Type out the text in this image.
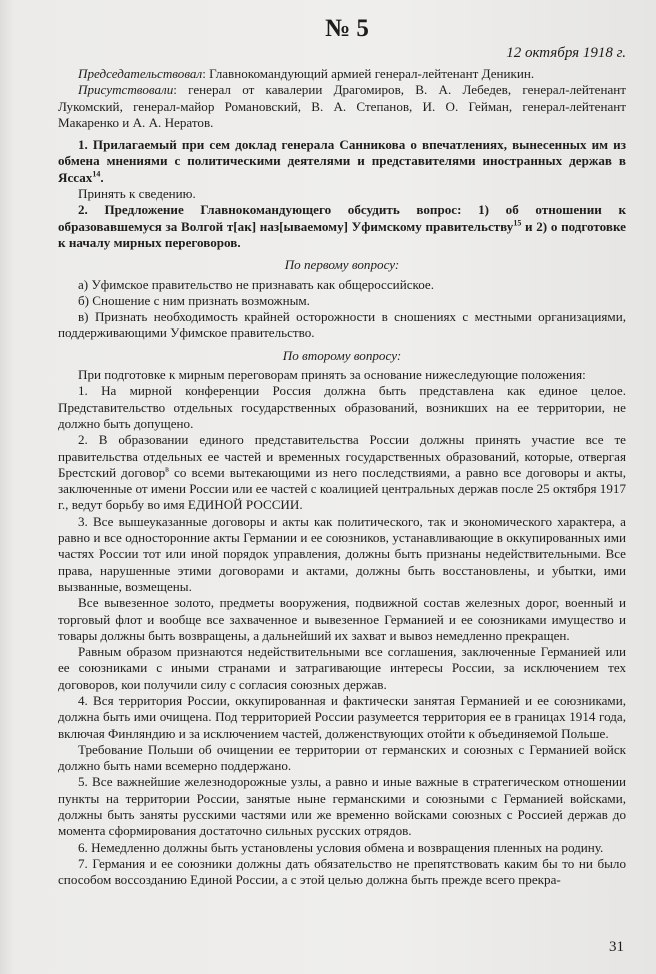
№ 5
12 октября 1918 г.

Председательствовал: Главнокомандующий армией генерал-лейтенант Деникин.

Присутствовали: генерал от кавалерии Драгомиров, В. А. Лебедев, генерал-лейтенант Лукомский, генерал-майор Романовский, В. А. Степанов, И. О. Гейман, генерал-лейтенант Макаренко и А. А. Нератов.

1. Прилагаемый при сем доклад генерала Санникова о впечатлениях, вынесенных им из обмена мнениями с политическими деятелями и представителями иностранных держав в Яссах$^{14}$.

Принять к сведению.

2. Предложение Главнокомандующего обсудить вопрос: 1) об отношении к образовавшемуся за Волгой т[ак] наз[ываемому] Уфимскому правительству$^{15}$ и 2) о подготовке к началу мирных переговоров.

По первому вопросу:

а) Уфимское правительство не признавать как общероссийское.

б) Сношение с ним признать возможным.

в) Признать необходимость крайней осторожности в сношениях с местными организациями, поддерживающими Уфимское правительство.

По второму вопросу:

При подготовке к мирным переговорам принять за основание нижеследующие положения:

1. На мирной конференции Россия должна быть представлена как единое целое. Представительство отдельных государственных образований, возникших на ее территории, не должно быть допущено.

2. В образовании единого представительства России должны принять участие все те правительства отдельных ее частей и временных государственных образований, которые, отвергая Брестский договор$^в$ со всеми вытекающими из него последствиями, а равно все договоры и акты, заключенные от имени России или ее частей с коалицией центральных держав после 25 октября 1917 г., ведут борьбу во имя ЕДИНОЙ РОССИИ.

3. Все вышеуказанные договоры и акты как политического, так и экономического характера, а равно и все односторонние акты Германии и ее союзников, устанавливающие в оккупированных ими частях России тот или иной порядок управления, должны быть признаны недействительными. Все права, нарушенные этими договорами и актами, должны быть восстановлены, и убытки, ими вызванные, возмещены.

Все вывезенное золото, предметы вооружения, подвижной состав железных дорог, военный и торговый флот и вообще все захваченное и вывезенное Германией и ее союзниками имущество и товары должны быть возвращены, а дальнейший их захват и вывоз немедленно прекращен.

Равным образом признаются недействительными все соглашения, заключенные Германией или ее союзниками с иными странами и затрагивающие интересы России, за исключением тех договоров, кои получили силу с согласия союзных держав.

4. Вся территория России, оккупированная и фактически занятая Германией и ее союзниками, должна быть ими очищена. Под территорией России разумеется территория ее в границах 1914 года, включая Финляндию и за исключением частей, долженствующих отойти к объединяемой Польше.

Требование Польши об очищении ее территории от германских и союзных с Германией войск должно быть нами всемерно поддержано.

5. Все важнейшие железнодорожные узлы, а равно и иные важные в стратегическом отношении пункты на территории России, занятые ныне германскими и союзными с Германией войсками, должны быть заняты русскими частями или же временно войсками союзных с Россией держав до момента сформирования достаточно сильных русских отрядов.

6. Немедленно должны быть установлены условия обмена и возвращения пленных на родину.

7. Германия и ее союзники должны дать обязательство не препятствовать каким бы то ни было способом воссозданию Единой России, а с этой целью должна быть прежде всего прекра-

31
